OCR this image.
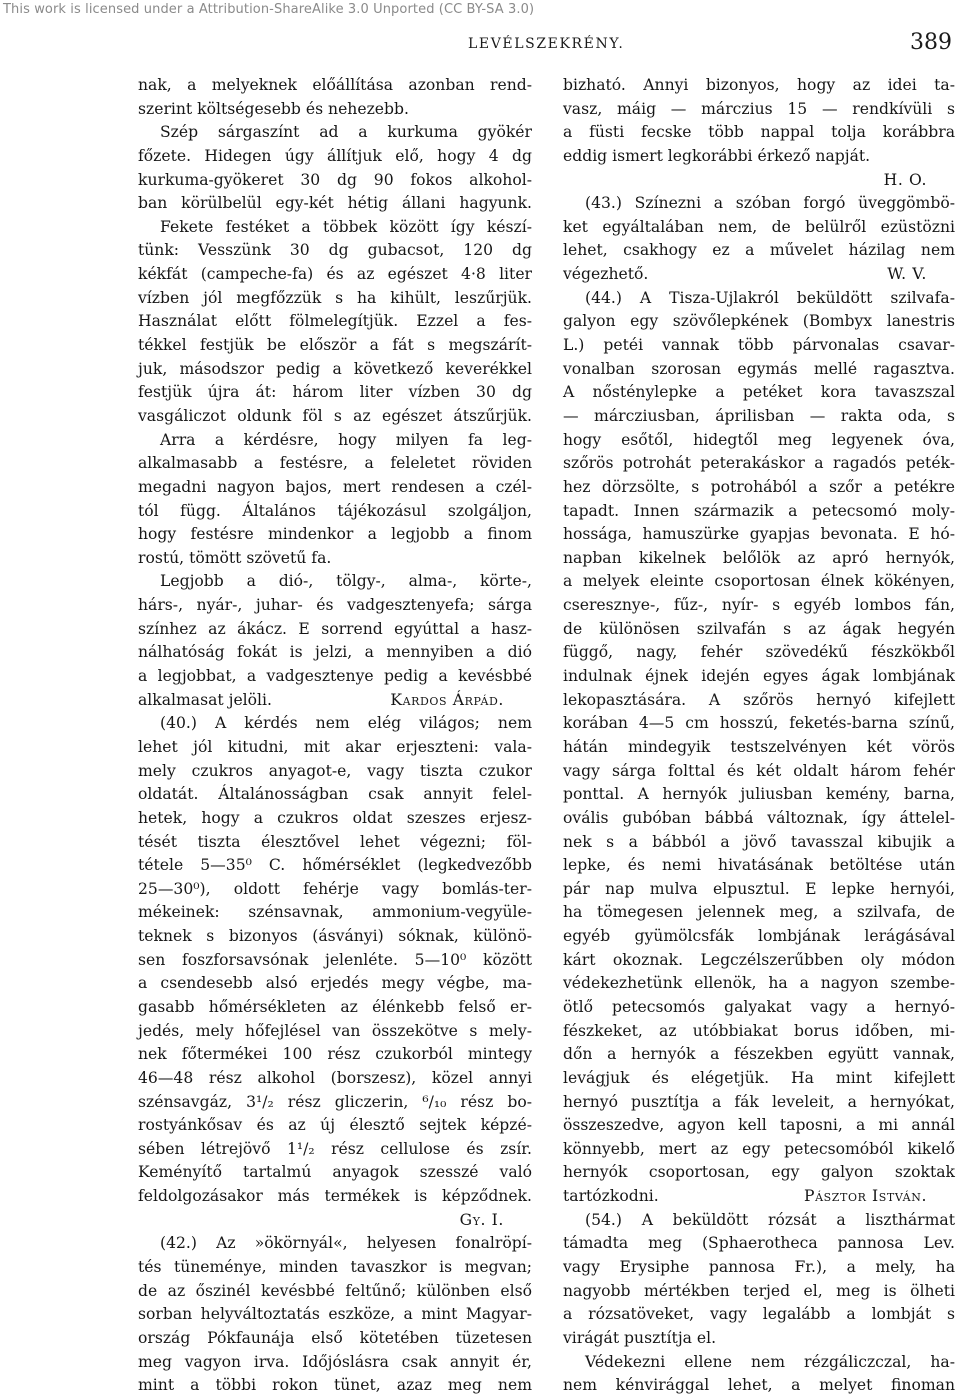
This work is licensed under a Attribution-ShareAlike 3.0 Unported (CC BY-SA 3.0)
LEVÉLSZEKRÉNY.	389
nak, a melyeknek előállítása azonban rend-
szerint költségesebb és nehezebb.
Szép sárgaszínt ad a kurkuma gyökér
főzete. Hidegen úgy állítjuk elő, hogy 4 dg
kurkuma-gyökeret 30 dg 90 fokos alkohol-
ban körülbelül egy-két hétig állani hagyunk.
Fekete festéket a többek között így készí-
tünk: Vesszünk 30 dg gubacsot, 120 dg
kékfát (campeche-fa) és az egészet 4·8 liter
vízben jól megfőzzük s ha kihült, leszűrjük.
Használat előtt fölmelegítjük. Ezzel a fes-
tékkel festjük be először a fát s megszárít-
juk, másodszor pedig a következő keverékkel
festjük újra át: három liter vízben 30 dg
vasgáliczot oldunk föl s az egészet átszűrjük.
Arra a kérdésre, hogy milyen fa leg-
alkalmasabb a festésre, a feleletet röviden
megadni nagyon bajos, mert rendesen a czél-
tól függ. Általános tájékozásul szolgáljon,
hogy festésre mindenkor a legjobb a finom
rostú, tömött szövetű fa.
Legjobb a dió-, tölgy-, alma-, körte-,
hárs-, nyár-, juhar- és vadgesztenyefa; sárga
színhez az ákácz. E sorrend egyúttal a hasz-
nálhatóság fokát is jelzi, a mennyiben a dió
a legjobbat, a vadgesztenye pedig a kevésbbé
alkalmasat jelöli.	Kardos Árpád.
(40.) A kérdés nem elég világos; nem
lehet jól kitudni, mit akar erjeszteni: vala-
mely czukros anyagot-e, vagy tiszta czukor
oldatát. Általánosságban csak annyit felel-
hetek, hogy a czukros oldat szeszes erjesz-
tését tiszta élesztővel lehet végezni; föl-
tétele 5—35⁰ C. hőmérséklet (legkedvezőbb
25—30⁰), oldott fehérje vagy bomlás-ter-
mékeinek: szénsavnak, ammonium-vegyüle-
teknek s bizonyos (ásványi) sóknak, különö-
sen foszforsavsónak jelenléte. 5—10⁰ között
a csendesebb alsó erjedés megy végbe, ma-
gasabb hőmérsékleten az élénkebb felső er-
jedés, mely hőfejlésel van összekötve s mely-
nek főtermékei 100 rész czukorból mintegy
46—48 rész alkohol (borszesz), közel annyi
szénsavgáz, 3¹/₂ rész gliczerin, ⁶/₁₀ rész bo-
rostyánkősav és az új élesztő sejtek képzé-
sében létrejövő 1¹/₂ rész cellulose és zsír.
Keményítő tartalmú anyagok szesszé való
feldolgozásakor más termékek is képződnek.
Gy. I.
(42.) Az »ökörnyál«, helyesen fonalröpí-
tés tüneménye, minden tavaszkor is megvan;
de az őszinél kevésbbé feltűnő; különben első
sorban helyváltoztatás eszköze, a mint Magyar-
ország Pókfaunája első kötetében tüzetesen
meg vagyon irva. Időjóslásra csak annyit ér,
mint a többi rokon tünet, azaz meg nem
bizható. Annyi bizonyos, hogy az idei ta-
vasz, máig — márczius 15 — rendkívüli s
a füsti fecske több nappal tolja korábbra
eddig ismert legkorábbi érkező napját.
H. O.
(43.) Színezni a szóban forgó üveggömbö-
ket egyáltalában nem, de belülről ezüstözni
lehet, csakhogy ez a művelet házilag nem
végezhető.	W. V.
(44.) A Tisza-Ujlakról beküldött szilvafa-
galyon egy szövőlepkének (Bombyx lanestris
L.) petéi vannak több párvonalas csavar-
vonalban szorosan egymás mellé ragasztva.
A nősténylepke a petéket kora tavaszszal
— márcziusban, áprilisban — rakta oda, s
hogy esőtől, hidegtől meg legyenek óva,
szőrös potrohát peterakáskor a ragadós peték-
hez dörzsölte, s potrohából a szőr a petékre
tapadt. Innen származik a petecsomó moly-
hossága, hamuszürke gyapjas bevonata. E hó-
napban kikelnek belőlök az apró hernyók,
a melyek eleinte csoportosan élnek kökényen,
cseresznye-, fűz-, nyír- s egyéb lombos fán,
de különösen szilvafán s az ágak hegyén
függő, nagy, fehér szövedékű fészkökből
indulnak éjnek idején egyes ágak lombjának
lekopasztására. A szőrös hernyó kifejlett
korában 4—5 cm hosszú, feketés-barna színű,
hátán mindegyik testszelvényen két vörös
vagy sárga folttal és két oldalt három fehér
ponttal. A hernyók juliusban kemény, barna,
ovális gubóban bábbá változnak, így áttelel-
nek s a bábból a jövő tavasszal kibujik a
lepke, és nemi hivatásának betöltése után
pár nap mulva elpusztul. E lepke hernyói,
ha tömegesen jelennek meg, a szilvafa, de
egyéb gyümölcsfák lombjának lerágásával
kárt okoznak. Legczélszerűbben oly módon
védekezhetünk ellenök, ha a nagyon szembe-
ötlő petecsomós galyakat vagy a hernyó-
fészkeket, az utóbbiakat borus időben, mi-
dőn a hernyók a fészekben együtt vannak,
levágjuk és elégetjük. Ha mint kifejlett
hernyó pusztítja a fák leveleit, a hernyókat,
összeszedve, agyon kell taposni, a mi annál
könnyebb, mert az egy petecsomóból kikelő
hernyók csoportosan, egy galyon szoktak
tartózkodni.	Pásztor István.
(54.) A beküldött rózsát a liszthármat
támadta meg (Sphaerotheca pannosa Lev.
vagy Erysiphe pannosa Fr.), a mely, ha
nagyobb mértékben terjed el, meg is ölheti
a rózsatöveket, vagy legalább a lombját s
virágát pusztítja el.
Védekezni ellene nem rézgáliczczal, ha-
nem kénvirággal lehet, a melyet finoman
